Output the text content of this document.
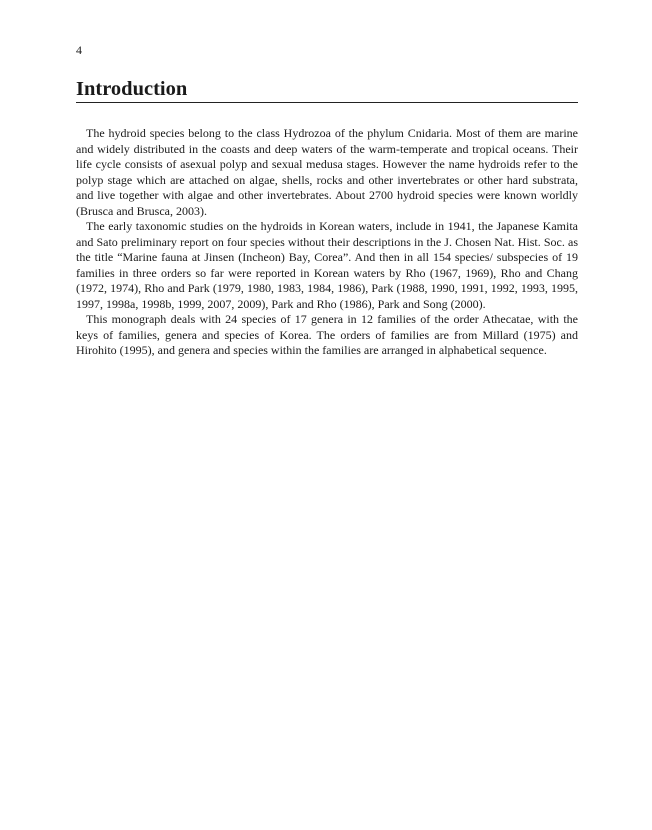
4
Introduction

The hydroid species belong to the class Hydrozoa of the phylum Cnidaria. Most of them are marine and widely distributed in the coasts and deep waters of the warm-temperate and tropical oceans. Their life cycle consists of asexual polyp and sexual medusa stages. However the name hydroids refer to the polyp stage which are attached on algae, shells, rocks and other invertebrates or other hard substrata, and live together with algae and other invertebrates. About 2700 hydroid species were known worldly (Brusca and Brusca, 2003).

The early taxonomic studies on the hydroids in Korean waters, include in 1941, the Japanese Kamita and Sato preliminary report on four species without their descriptions in the J. Chosen Nat. Hist. Soc. as the title “Marine fauna at Jinsen (Incheon) Bay, Corea”. And then in all 154 species/ subspecies of 19 families in three orders so far were reported in Korean waters by Rho (1967, 1969), Rho and Chang (1972, 1974), Rho and Park (1979, 1980, 1983, 1984, 1986), Park (1988, 1990, 1991, 1992, 1993, 1995, 1997, 1998a, 1998b, 1999, 2007, 2009), Park and Rho (1986), Park and Song (2000).

This monograph deals with 24 species of 17 genera in 12 families of the order Athecatae, with the keys of families, genera and species of Korea. The orders of families are from Millard (1975) and Hirohito (1995), and genera and species within the families are arranged in alphabetical sequence.
